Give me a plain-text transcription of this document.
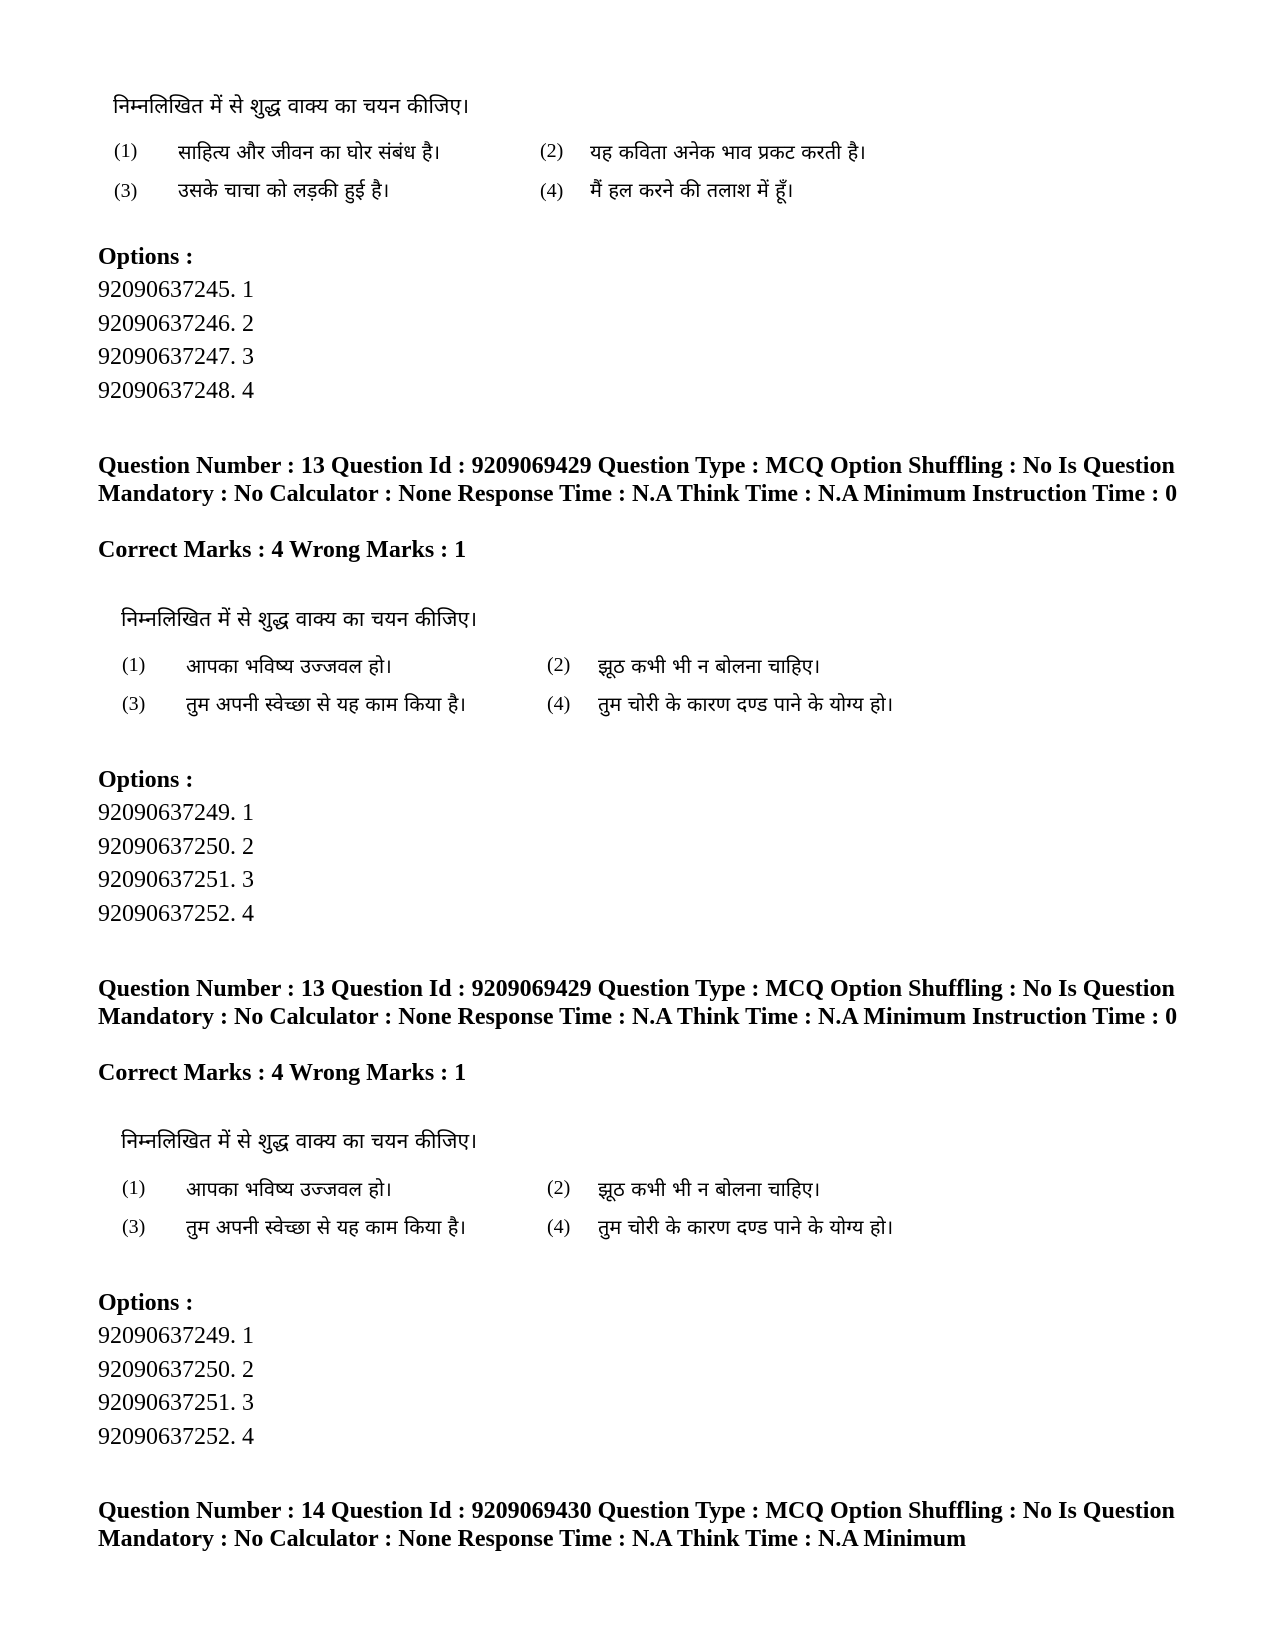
निम्नलिखित में से शुद्ध वाक्य का चयन कीजिए।
(1) साहित्य और जीवन का घोर संबंध है।	(2) यह कविता अनेक भाव प्रकट करती है।
(3) उसके चाचा को लड़की हुई है।	(4) मैं हल करने की तलाश में हूँ।
Options :
92090637245. 1
92090637246. 2
92090637247. 3
92090637248. 4
Question Number : 13 Question Id : 9209069429 Question Type : MCQ Option Shuffling : No Is Question Mandatory : No Calculator : None Response Time : N.A Think Time : N.A Minimum Instruction Time : 0
Correct Marks : 4 Wrong Marks : 1
निम्नलिखित में से शुद्ध वाक्य का चयन कीजिए।
(1) आपका भविष्य उज्जवल हो।	(2) झूठ कभी भी न बोलना चाहिए।
(3) तुम अपनी स्वेच्छा से यह काम किया है।	(4) तुम चोरी के कारण दण्ड पाने के योग्य हो।
Options :
92090637249. 1
92090637250. 2
92090637251. 3
92090637252. 4
Question Number : 13 Question Id : 9209069429 Question Type : MCQ Option Shuffling : No Is Question Mandatory : No Calculator : None Response Time : N.A Think Time : N.A Minimum Instruction Time : 0
Correct Marks : 4 Wrong Marks : 1
निम्नलिखित में से शुद्ध वाक्य का चयन कीजिए।
(1) आपका भविष्य उज्जवल हो।	(2) झूठ कभी भी न बोलना चाहिए।
(3) तुम अपनी स्वेच्छा से यह काम किया है।	(4) तुम चोरी के कारण दण्ड पाने के योग्य हो।
Options :
92090637249. 1
92090637250. 2
92090637251. 3
92090637252. 4
Question Number : 14 Question Id : 9209069430 Question Type : MCQ Option Shuffling : No Is Question Mandatory : No Calculator : None Response Time : N.A Think Time : N.A Minimum
